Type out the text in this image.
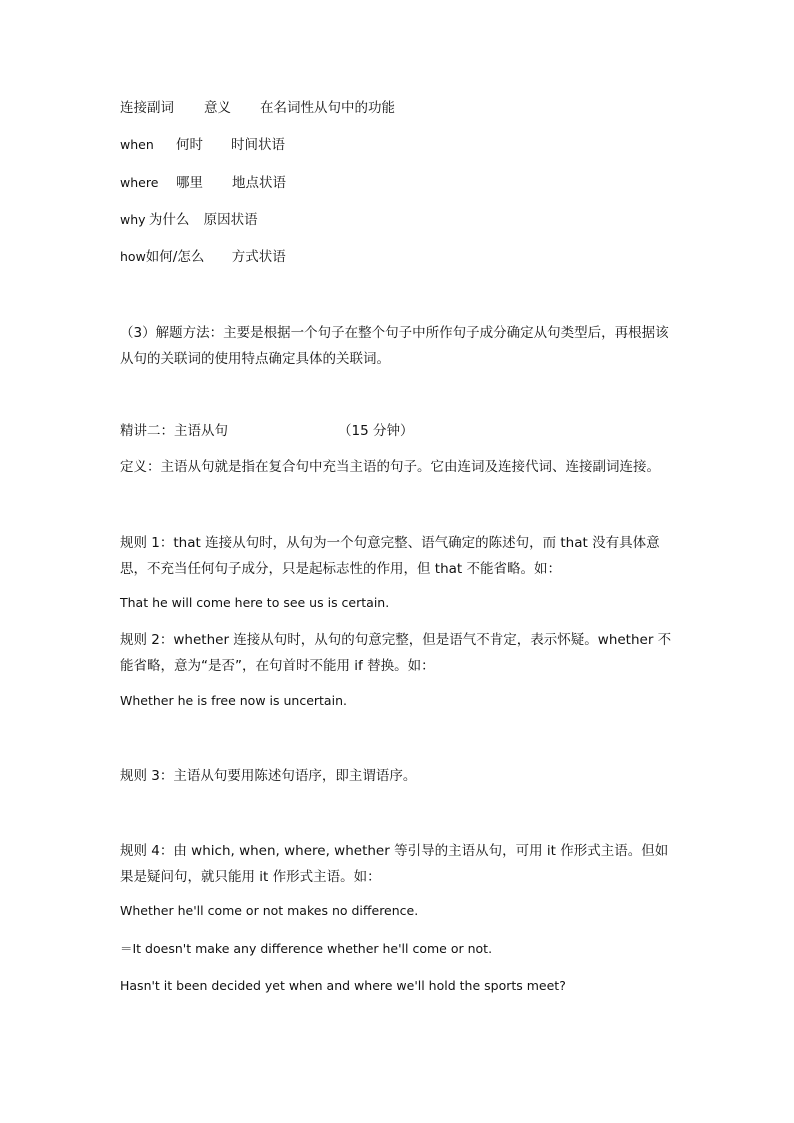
连接副词 意义 在名词性从句中的功能
when 何时 时间状语
where 哪里 地点状语
why 为什么 原因状语
how如何/怎么 方式状语
（3）解题方法：主要是根据一个句子在整个句子中所作句子成分确定从句类型后，再根据该从句的关联词的使用特点确定具体的关联词。
精讲二：主语从句	（15 分钟）
定义：主语从句就是指在复合句中充当主语的句子。它由连词及连接代词、连接副词连接。
规则 1：that 连接从句时，从句为一个句意完整、语气确定的陈述句，而 that 没有具体意思，不充当任何句子成分，只是起标志性的作用，但 that 不能省略。如：
That he will come here to see us is certain.
规则 2：whether 连接从句时，从句的句意完整，但是语气不肯定，表示怀疑。whether 不能省略，意为“是否”，在句首时不能用 if 替换。如：
Whether he is free now is uncertain.
规则 3：主语从句要用陈述句语序，即主谓语序。
规则 4：由 which, when, where, whether 等引导的主语从句，可用 it 作形式主语。但如果是疑问句，就只能用 it 作形式主语。如：
Whether he'll come or not makes no difference.
＝It doesn't make any difference whether he'll come or not.
Hasn't it been decided yet when and where we'll hold the sports meet?
